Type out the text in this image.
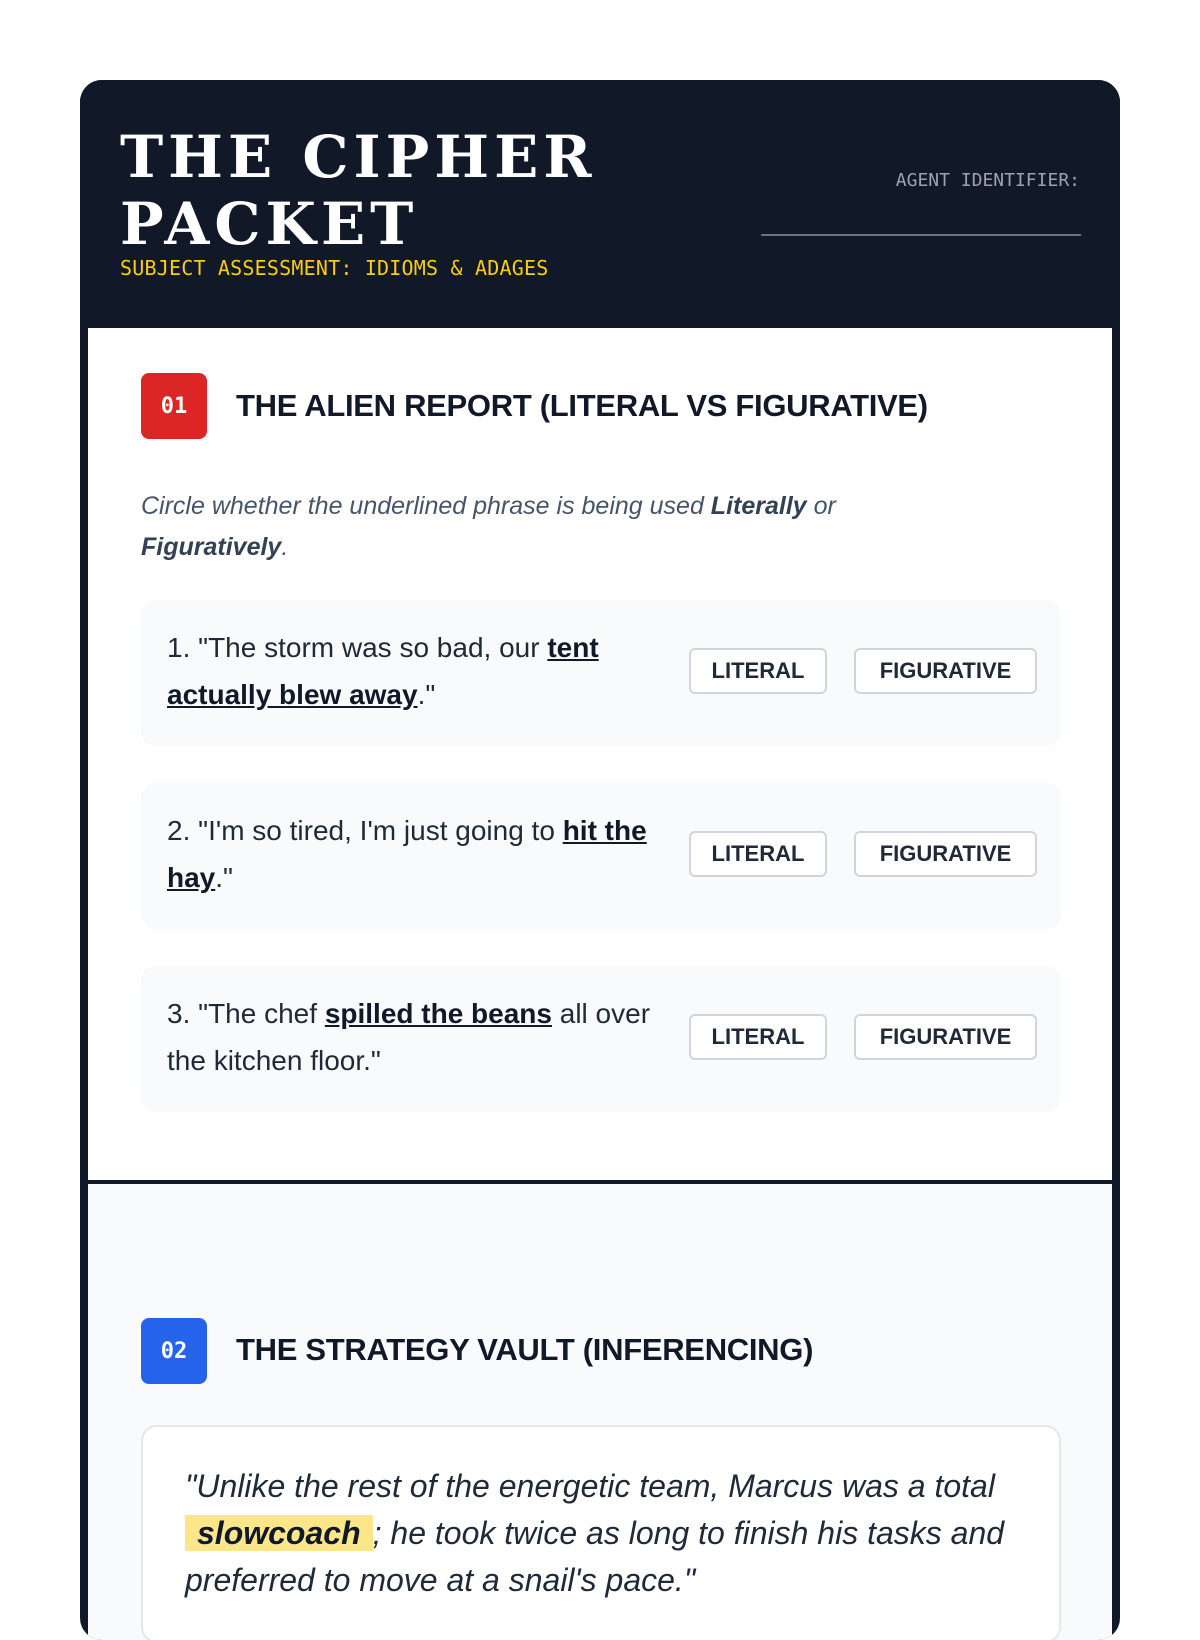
THE CIPHER
PACKET
SUBJECT ASSESSMENT: IDIOMS & ADAGES
AGENT IDENTIFIER:
01	THE ALIEN REPORT (LITERAL VS FIGURATIVE)

Circle whether the underlined phrase is being used Literally or
Figuratively.

1. "The storm was so bad, our tent actually blew away."

LITERAL	FIGURATIVE

2. "I'm so tired, I'm just going to hit the hay."

LITERAL	FIGURATIVE

3. "The chef spilled the beans all over the kitchen floor."

LITERAL	FIGURATIVE
02	THE STRATEGY VAULT (INFERENCING)

"Unlike the rest of the energetic team, Marcus was a total slowcoach ; he took twice as long to finish his tasks and preferred to move at a snail's pace."
